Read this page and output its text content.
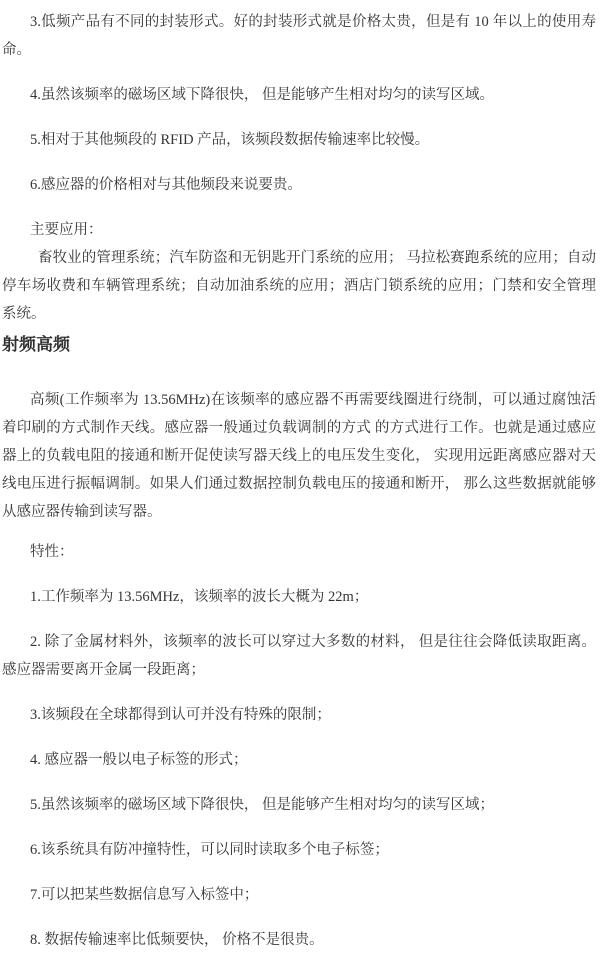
3.低频产品有不同的封装形式。好的封装形式就是价格太贵，但是有 10 年以上的使用寿命。

4.虽然该频率的磁场区域下降很快， 但是能够产生相对均匀的读写区域。

5.相对于其他频段的 RFID 产品，该频段数据传输速率比较慢。

6.感应器的价格相对与其他频段来说要贵。

主要应用：

畜牧业的管理系统；汽车防盗和无钥匙开门系统的应用； 马拉松赛跑系统的应用；自动停车场收费和车辆管理系统；自动加油系统的应用；酒店门锁系统的应用；门禁和安全管理系统。

射频高频

高频(工作频率为 13.56MHz)在该频率的感应器不再需要线圈进行绕制，可以通过腐蚀活着印刷的方式制作天线。感应器一般通过负载调制的方式 的方式进行工作。也就是通过感应器上的负载电阻的接通和断开促使读写器天线上的电压发生变化， 实现用远距离感应器对天线电压进行振幅调制。如果人们通过数据控制负载电压的接通和断开， 那么这些数据就能够从感应器传输到读写器。

特性：

1.工作频率为 13.56MHz，该频率的波长大概为 22m；

2. 除了金属材料外，该频率的波长可以穿过大多数的材料， 但是往往会降低读取距离。感应器需要离开金属一段距离；

3.该频段在全球都得到认可并没有特殊的限制；

4. 感应器一般以电子标签的形式；

5.虽然该频率的磁场区域下降很快， 但是能够产生相对均匀的读写区域；

6.该系统具有防冲撞特性，可以同时读取多个电子标签；

7.可以把某些数据信息写入标签中；

8. 数据传输速率比低频要快， 价格不是很贵。
